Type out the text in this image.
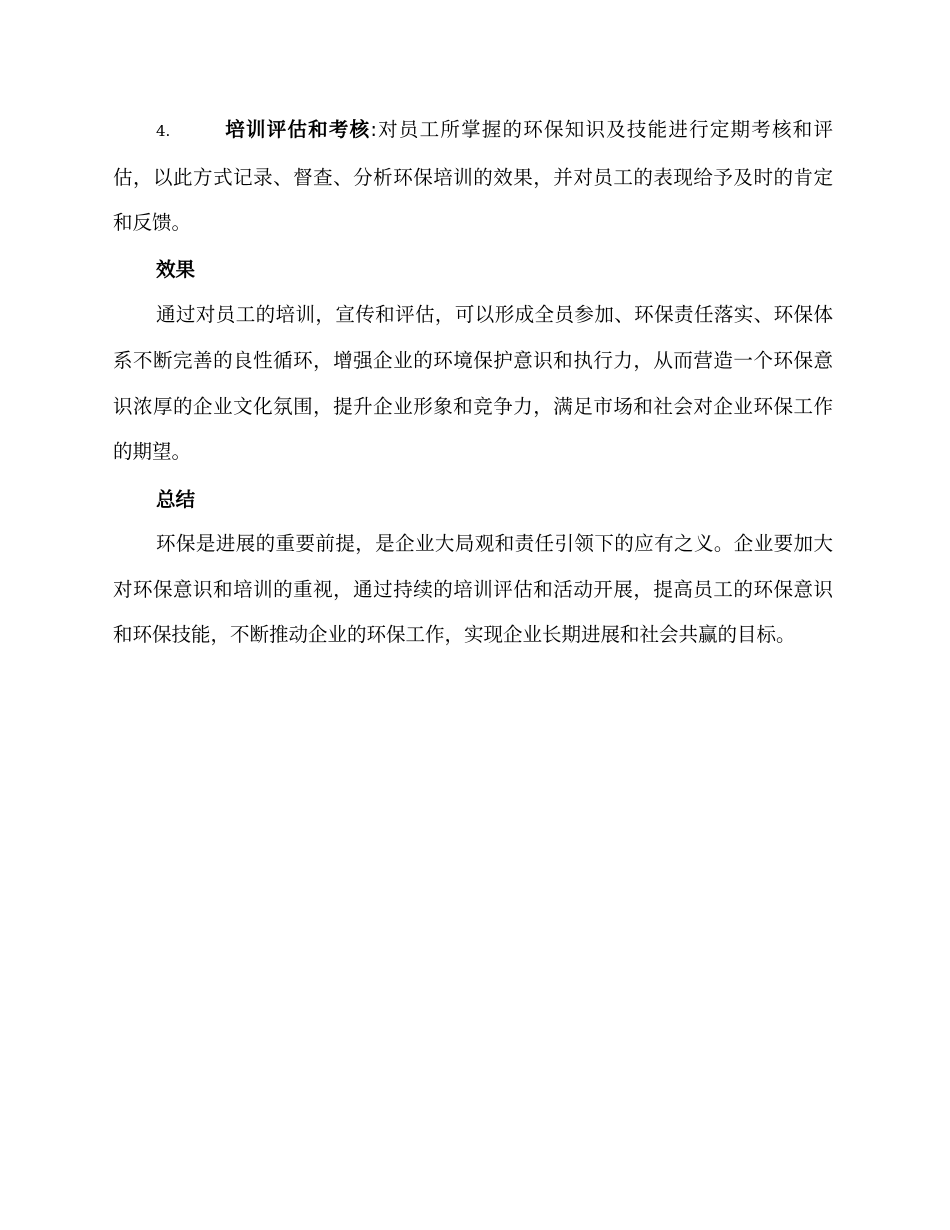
4.	培训评估和考核:对员工所掌握的环保知识及技能进行定期考核和评估，以此方式记录、督查、分析环保培训的效果，并对员工的表现给予及时的肯定和反馈。

效果

通过对员工的培训，宣传和评估，可以形成全员参加、环保责任落实、环保体系不断完善的良性循环，增强企业的环境保护意识和执行力，从而营造一个环保意识浓厚的企业文化氛围，提升企业形象和竞争力，满足市场和社会对企业环保工作的期望。

总结

环保是进展的重要前提，是企业大局观和责任引领下的应有之义。企业要加大对环保意识和培训的重视，通过持续的培训评估和活动开展，提高员工的环保意识和环保技能，不断推动企业的环保工作，实现企业长期进展和社会共赢的目标。
